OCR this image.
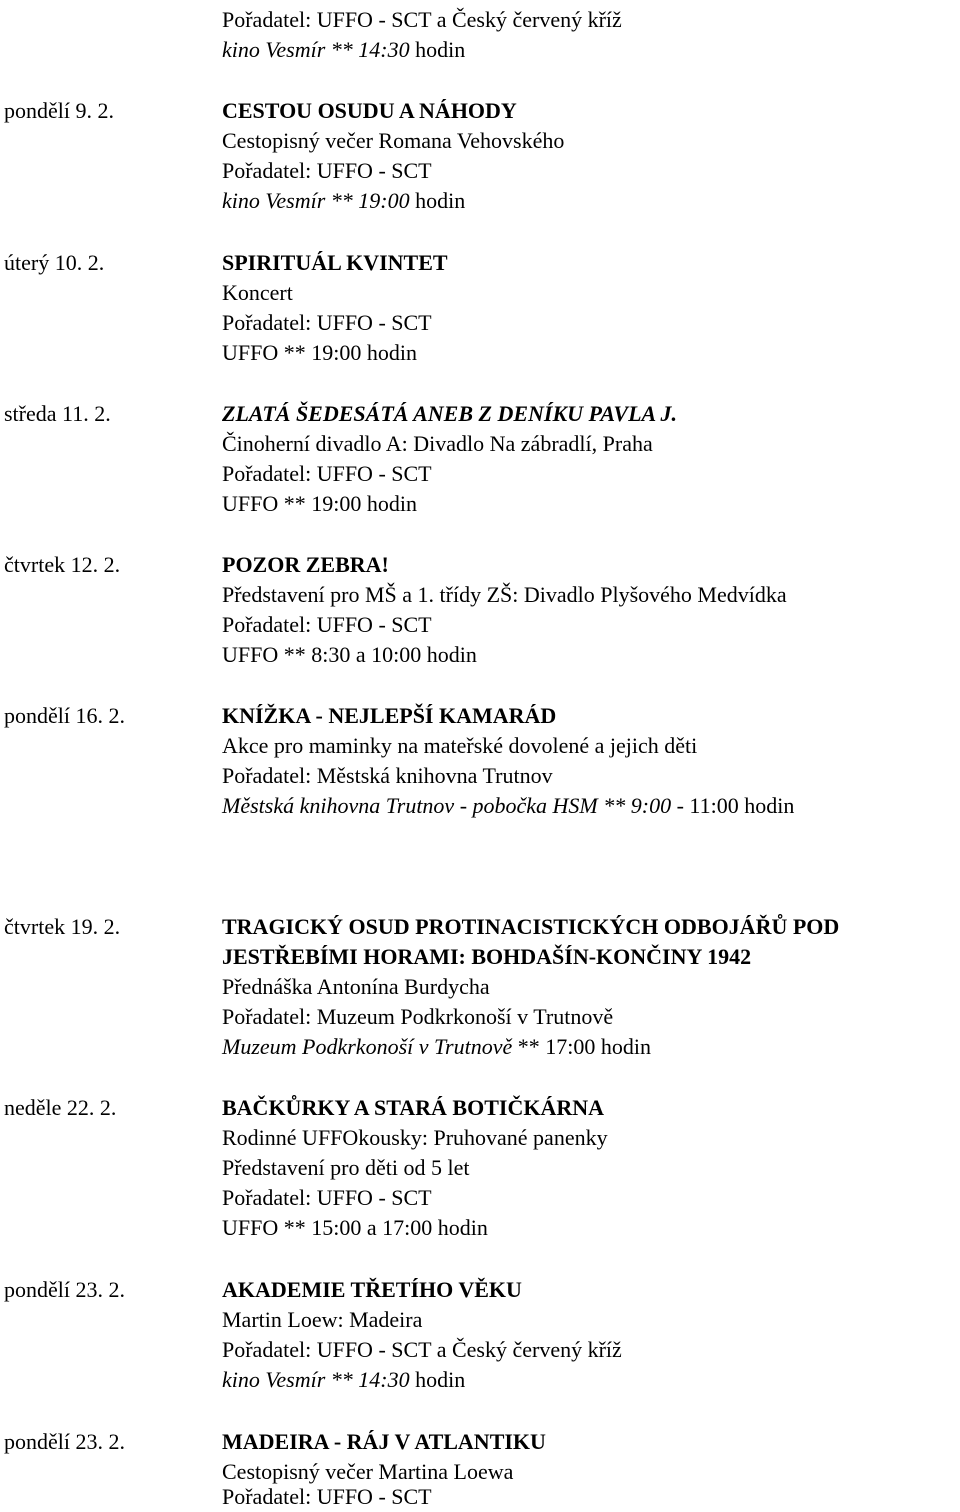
Pořadatel: UFFO - SCT a Český červený kříž
kino Vesmír ** 14:30 hodin
pondělí 9. 2.	CESTOU OSUDU A NÁHODY
Cestopisný večer Romana Vehovského
Pořadatel: UFFO - SCT
kino Vesmír ** 19:00 hodin
úterý 10. 2.	SPIRITUÁL KVINTET
Koncert
Pořadatel: UFFO - SCT
UFFO ** 19:00 hodin
středa 11. 2.	ZLATÁ ŠEDESÁTÁ ANEB Z DENÍKU PAVLA J.
Činoherní divadlo A: Divadlo Na zábradlí, Praha
Pořadatel: UFFO - SCT
UFFO ** 19:00 hodin
čtvrtek 12. 2.	POZOR ZEBRA!
Představení pro MŠ a 1. třídy ZŠ: Divadlo Plyšového Medvídka
Pořadatel: UFFO - SCT
UFFO ** 8:30 a 10:00 hodin
pondělí 16. 2.	KNÍŽKA - NEJLEPŠÍ KAMARÁD
Akce pro maminky na mateřské dovolené a jejich děti
Pořadatel: Městská knihovna Trutnov
Městská knihovna Trutnov - pobočka HSM ** 9:00 - 11:00 hodin
čtvrtek 19. 2.	TRAGICKÝ OSUD PROTINACISTICKÝCH ODBOJÁŘŮ POD
JESTŘEBÍMI HORAMI: BOHDAŠÍN-KONČINY 1942
Přednáška Antonína Burdycha
Pořadatel: Muzeum Podkrkonoší v Trutnově
Muzeum Podkrkonoší v Trutnově ** 17:00 hodin
neděle 22. 2.	BAČKŮRKY A STARÁ BOTIČKÁRNA
Rodinné UFFOkousky: Pruhované panenky
Představení pro děti od 5 let
Pořadatel: UFFO - SCT
UFFO ** 15:00 a 17:00 hodin
pondělí 23. 2.	AKADEMIE TŘETÍHO VĚKU
Martin Loew: Madeira
Pořadatel: UFFO - SCT a Český červený kříž
kino Vesmír ** 14:30 hodin
pondělí 23. 2.	MADEIRA - RÁJ V ATLANTIKU
Cestopisný večer Martina Loewa
Pořadatel: UFFO - SCT
